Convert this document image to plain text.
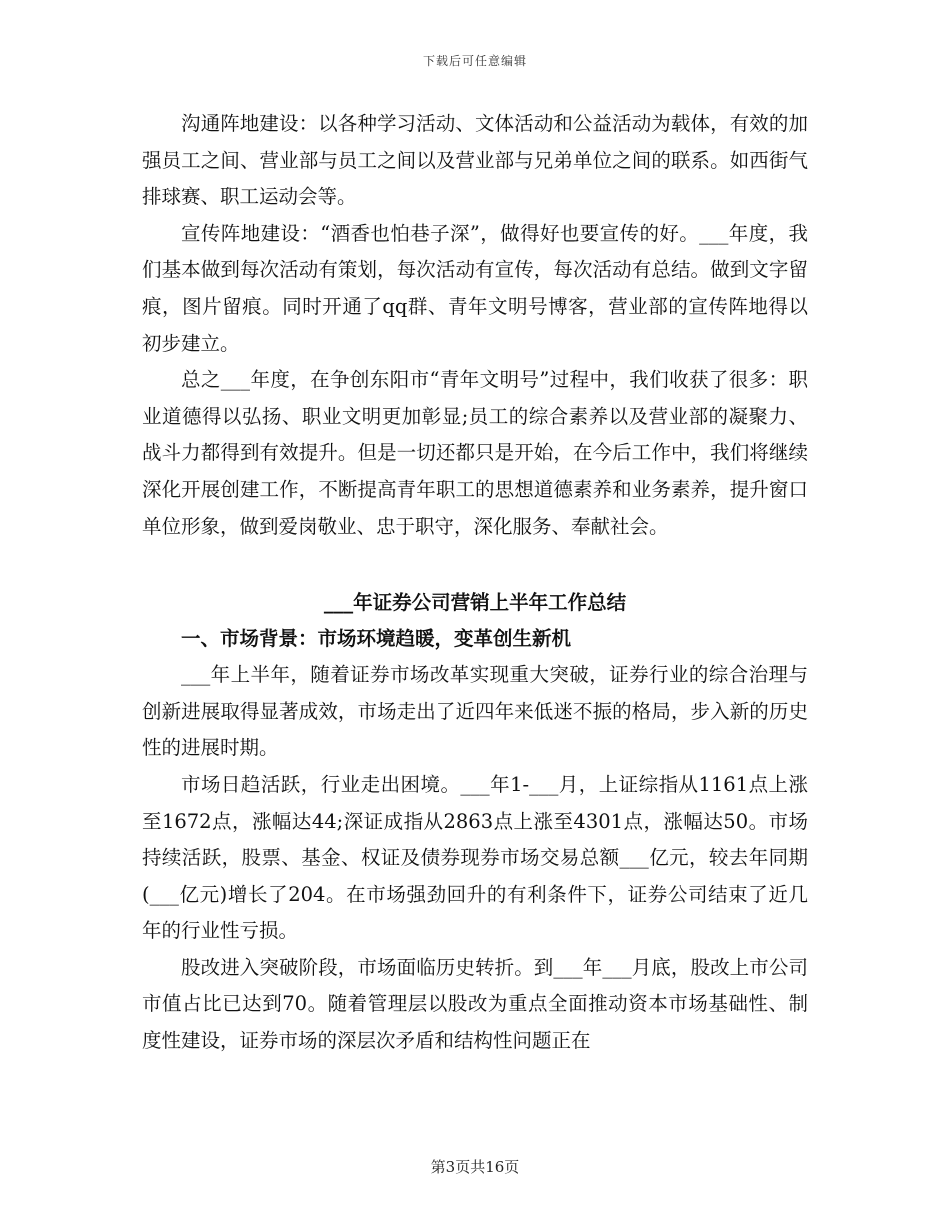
下载后可任意编辑

沟通阵地建设：以各种学习活动、文体活动和公益活动为载体，有效的加强员工之间、营业部与员工之间以及营业部与兄弟单位之间的联系。如西街气排球赛、职工运动会等。

宣传阵地建设：“酒香也怕巷子深”，做得好也要宣传的好。___年度，我们基本做到每次活动有策划，每次活动有宣传，每次活动有总结。做到文字留痕，图片留痕。同时开通了qq群、青年文明号博客，营业部的宣传阵地得以初步建立。

总之___年度，在争创东阳市“青年文明号”过程中，我们收获了很多：职业道德得以弘扬、职业文明更加彰显;员工的综合素养以及营业部的凝聚力、战斗力都得到有效提升。但是一切还都只是开始，在今后工作中，我们将继续深化开展创建工作，不断提高青年职工的思想道德素养和业务素养，提升窗口单位形象，做到爱岗敬业、忠于职守，深化服务、奉献社会。

___年证券公司营销上半年工作总结
一、市场背景：市场环境趋暖，变革创生新机

___年上半年，随着证券市场改革实现重大突破，证券行业的综合治理与创新进展取得显著成效，市场走出了近四年来低迷不振的格局，步入新的历史性的进展时期。

市场日趋活跃，行业走出困境。___年1-___月，上证综指从1161点上涨至1672点，涨幅达44;深证成指从2863点上涨至4301点，涨幅达50。市场持续活跃，股票、基金、权证及债券现券市场交易总额___亿元，较去年同期(___亿元)增长了204。在市场强劲回升的有利条件下，证券公司结束了近几年的行业性亏损。

股改进入突破阶段，市场面临历史转折。到___年___月底，股改上市公司市值占比已达到70。随着管理层以股改为重点全面推动资本市场基础性、制度性建设，证券市场的深层次矛盾和结构性问题正在

第3页共16页
